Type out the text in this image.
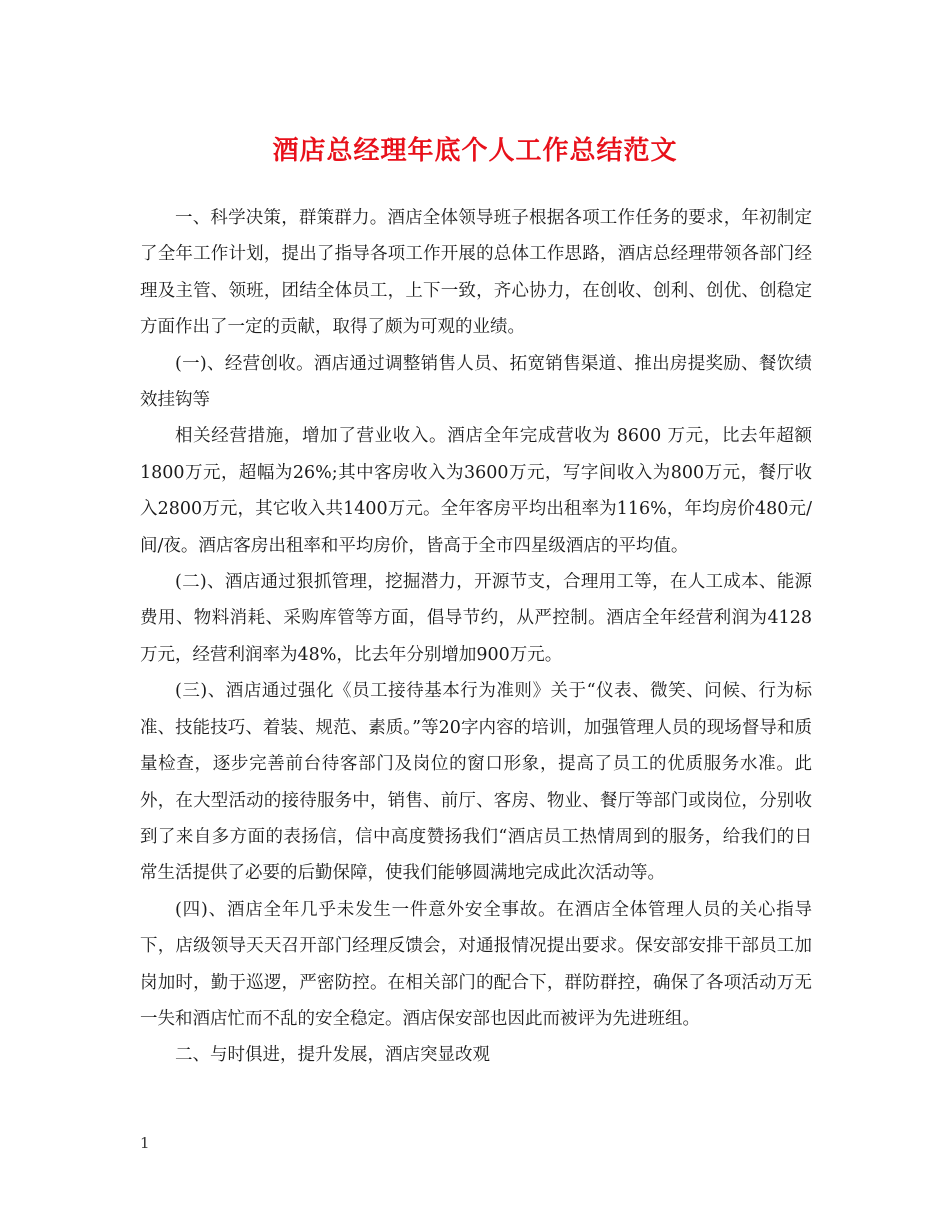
酒店总经理年底个人工作总结范文

一、科学决策，群策群力。酒店全体领导班子根据各项工作任务的要求，年初制定了全年工作计划，提出了指导各项工作开展的总体工作思路，酒店总经理带领各部门经理及主管、领班，团结全体员工，上下一致，齐心协力，在创收、创利、创优、创稳定方面作出了一定的贡献，取得了颇为可观的业绩。

(一)、经营创收。酒店通过调整销售人员、拓宽销售渠道、推出房提奖励、餐饮绩效挂钩等

相关经营措施，增加了营业收入。酒店全年完成营收为 8600 万元，比去年超额1800万元，超幅为26%;其中客房收入为3600万元，写字间收入为800万元，餐厅收入2800万元，其它收入共1400万元。全年客房平均出租率为116%，年均房价480元/间/夜。酒店客房出租率和平均房价，皆高于全市四星级酒店的平均值。

(二)、酒店通过狠抓管理，挖掘潜力，开源节支，合理用工等，在人工成本、能源费用、物料消耗、采购库管等方面，倡导节约，从严控制。酒店全年经营利润为4128万元，经营利润率为48%，比去年分别增加900万元。

(三)、酒店通过强化《员工接待基本行为准则》关于“仪表、微笑、问候、行为标准、技能技巧、着装、规范、素质。”等20字内容的培训，加强管理人员的现场督导和质量检查，逐步完善前台待客部门及岗位的窗口形象，提高了员工的优质服务水准。此外，在大型活动的接待服务中，销售、前厅、客房、物业、餐厅等部门或岗位，分别收到了来自多方面的表扬信，信中高度赞扬我们“酒店员工热情周到的服务，给我们的日常生活提供了必要的后勤保障，使我们能够圆满地完成此次活动等。

(四)、酒店全年几乎未发生一件意外安全事故。在酒店全体管理人员的关心指导下，店级领导天天召开部门经理反馈会，对通报情况提出要求。保安部安排干部员工加岗加时，勤于巡逻，严密防控。在相关部门的配合下，群防群控，确保了各项活动万无一失和酒店忙而不乱的安全稳定。酒店保安部也因此而被评为先进班组。

二、与时俱进，提升发展，酒店突显改观

1
